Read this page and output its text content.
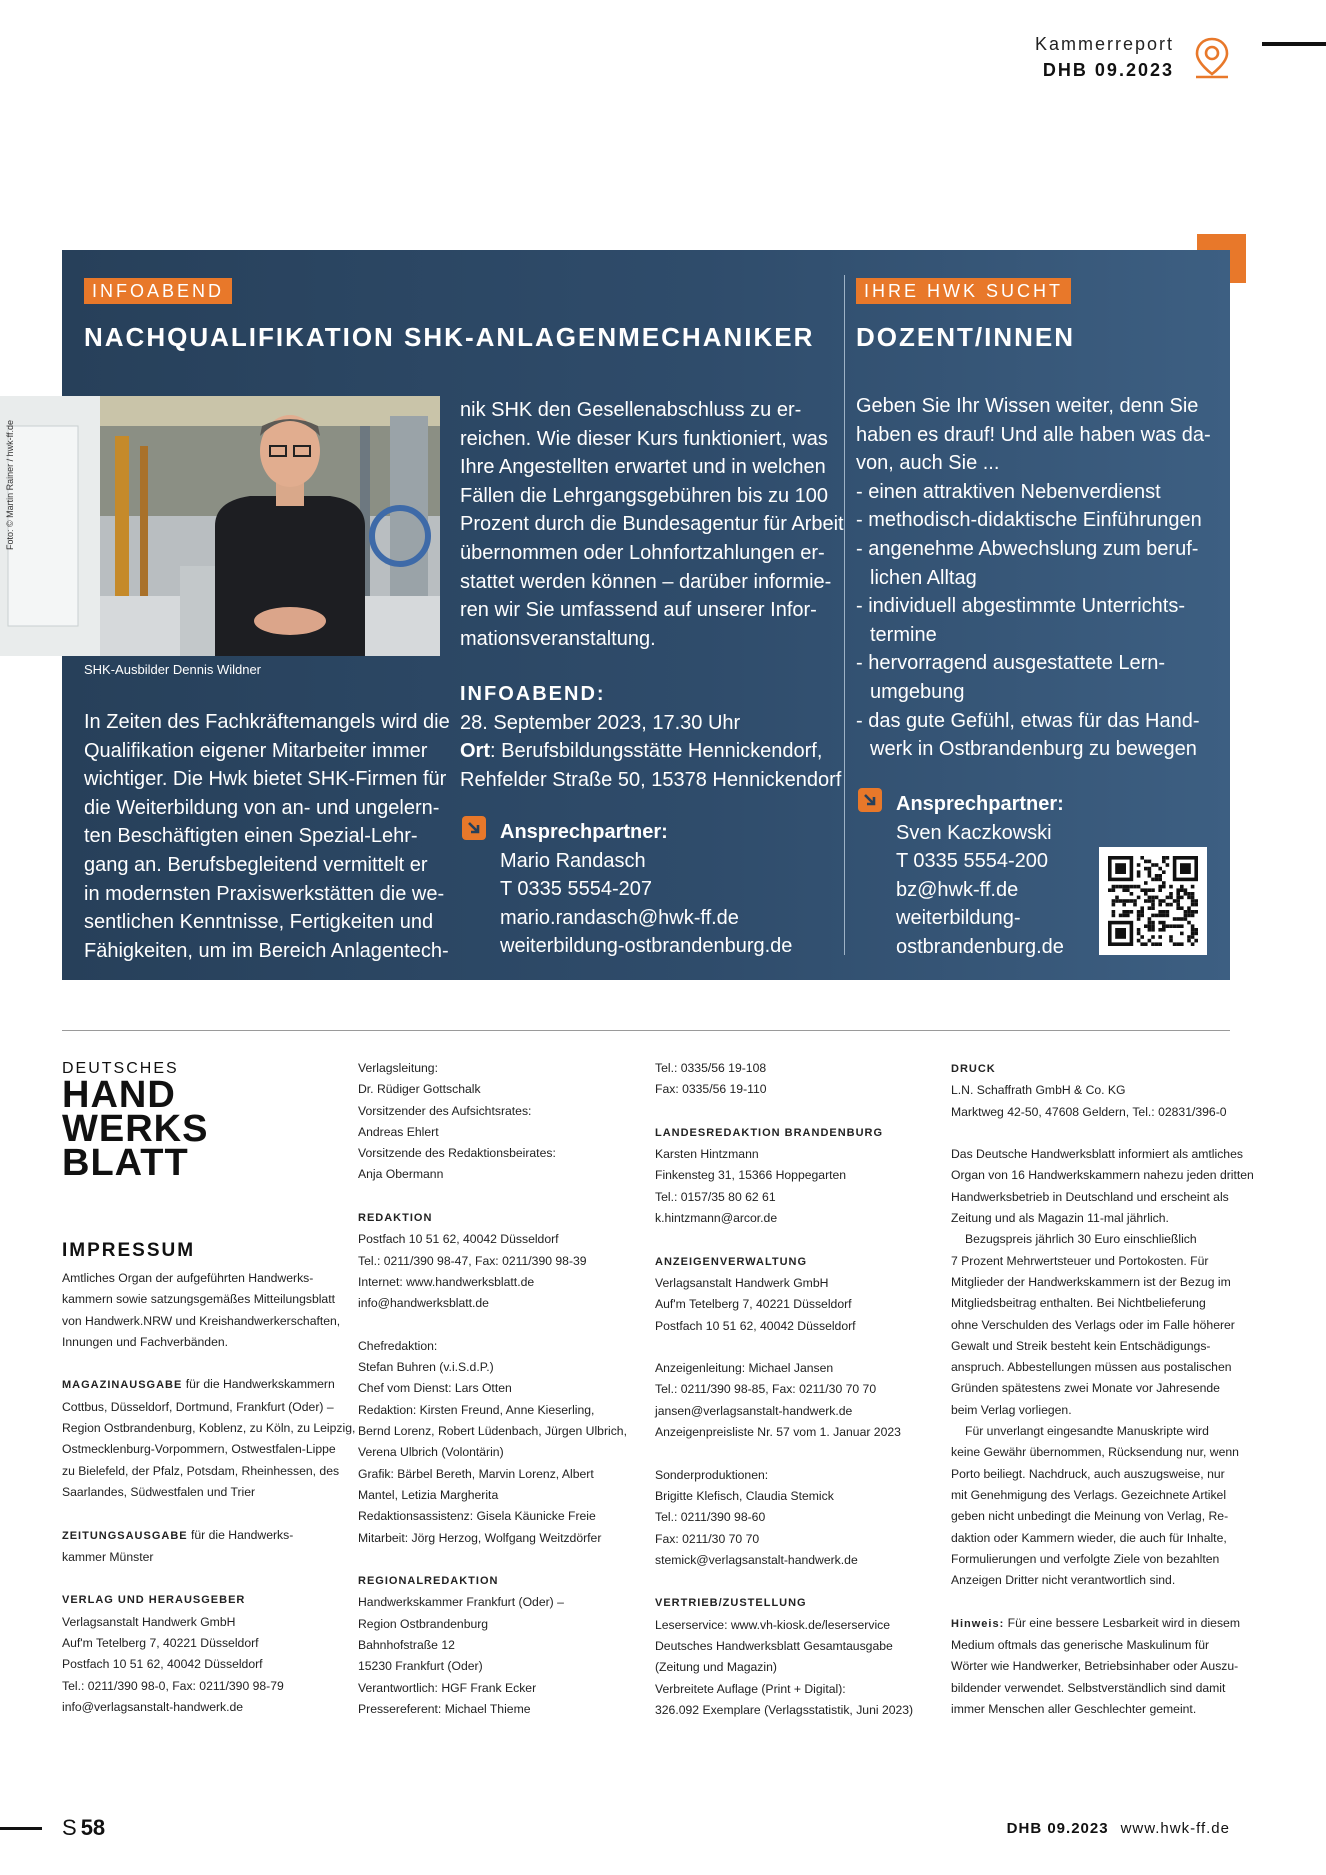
Kammerreport
DHB 09.2023
INFOABEND
NACHQUALIFIKATION SHK-ANLAGENMECHANIKER
IHRE HWK SUCHT
DOZENT/INNEN
Foto: © Martin Rainer / hwk-ff.de
SHK-Ausbilder Dennis Wildner

In Zeiten des Fachkräftemangels wird die

Qualifikation eigener Mitarbeiter immer

wichtiger. Die Hwk bietet SHK-Firmen für

die Weiterbildung von an- und ungelern-

ten Beschäftigten einen Spezial-Lehr-

gang an. Berufsbegleitend vermittelt er

in modernsten Praxiswerkstätten die we-

sentlichen Kenntnisse, Fertigkeiten und

Fähigkeiten, um im Bereich Anlagentech-

nik SHK den Gesellenabschluss zu er-

reichen. Wie dieser Kurs funktioniert, was

Ihre Angestellten erwartet und in welchen

Fällen die Lehrgangsgebühren bis zu 100

Prozent durch die Bundesagentur für Arbeit

übernommen oder Lohnfortzahlungen er-

stattet werden können – darüber informie-

ren wir Sie umfassend auf unserer Infor-

mationsveranstaltung.

INFOABEND:

28. September 2023, 17.30 Uhr

Ort: Berufsbildungsstätte Hennickendorf,

Rehfelder Straße 50, 15378 Hennickendorf

Ansprechpartner:

Mario Randasch

T 0335 5554-207

mario.randasch@hwk-ff.de

weiterbildung-ostbrandenburg.de

Geben Sie Ihr Wissen weiter, denn Sie

haben es drauf! Und alle haben was da-

von, auch Sie ...

- einen attraktiven Nebenverdienst

- methodisch-didaktische Einführungen

- angenehme Abwechslung zum beruf-

lichen Alltag

- individuell abgestimmte Unterrichts-

termine

- hervorragend ausgestattete Lern-

umgebung

- das gute Gefühl, etwas für das Hand-

werk in Ostbrandenburg zu bewegen

Ansprechpartner:

Sven Kaczkowski

T 0335 5554-200

bz@hwk-ff.de

weiterbildung-

ostbrandenburg.de

DEUTSCHES
HAND
WERKS
BLATT
IMPRESSUM

Amtliches Organ der aufgeführten Handwerks-

kammern sowie satzungsgemäßes Mitteilungsblatt

von Handwerk.NRW und Kreishandwerkerschaften,

Innungen und Fachverbänden.

MAGAZINAUSGABE für die Handwerkskammern

Cottbus, Düsseldorf, Dortmund, Frankfurt (Oder) –

Region Ostbrandenburg, Koblenz, zu Köln, zu Leipzig,

Ostmecklenburg-Vorpommern, Ostwestfalen-Lippe

zu Bielefeld, der Pfalz, Potsdam, Rheinhessen, des

Saarlandes, Südwestfalen und Trier

ZEITUNGSAUSGABE für die Handwerks-

kammer Münster

VERLAG UND HERAUSGEBER

Verlagsanstalt Handwerk GmbH

Auf'm Tetelberg 7, 40221 Düsseldorf

Postfach 10 51 62, 40042 Düsseldorf

Tel.: 0211/390 98-0, Fax: 0211/390 98-79

info@verlagsanstalt-handwerk.de

Verlagsleitung:

Dr. Rüdiger Gottschalk

Vorsitzender des Aufsichtsrates:

Andreas Ehlert

Vorsitzende des Redaktionsbeirates:

Anja Obermann

REDAKTION

Postfach 10 51 62, 40042 Düsseldorf

Tel.: 0211/390 98-47, Fax: 0211/390 98-39

Internet: www.handwerksblatt.de

info@handwerksblatt.de

Chefredaktion:

Stefan Buhren (v.i.S.d.P.)

Chef vom Dienst: Lars Otten

Redaktion: Kirsten Freund, Anne Kieserling,

Bernd Lorenz, Robert Lüdenbach, Jürgen Ulbrich,

Verena Ulbrich (Volontärin)

Grafik: Bärbel Bereth, Marvin Lorenz, Albert

Mantel, Letizia Margherita

Redaktionsassistenz: Gisela Käunicke Freie

Mitarbeit: Jörg Herzog, Wolfgang Weitzdörfer

REGIONALREDAKTION

Handwerkskammer Frankfurt (Oder) –

Region Ostbrandenburg

Bahnhofstraße 12

15230 Frankfurt (Oder)

Verantwortlich: HGF Frank Ecker

Pressereferent: Michael Thieme

Tel.: 0335/56 19-108

Fax: 0335/56 19-110

LANDESREDAKTION BRANDENBURG

Karsten Hintzmann

Finkensteg 31, 15366 Hoppegarten

Tel.: 0157/35 80 62 61

k.hintzmann@arcor.de

ANZEIGENVERWALTUNG

Verlagsanstalt Handwerk GmbH

Auf'm Tetelberg 7, 40221 Düsseldorf

Postfach 10 51 62, 40042 Düsseldorf

Anzeigenleitung: Michael Jansen

Tel.: 0211/390 98-85, Fax: 0211/30 70 70

jansen@verlagsanstalt-handwerk.de

Anzeigenpreisliste Nr. 57 vom 1. Januar 2023

Sonderproduktionen:

Brigitte Klefisch, Claudia Stemick

Tel.: 0211/390 98-60

Fax: 0211/30 70 70

stemick@verlagsanstalt-handwerk.de

VERTRIEB/ZUSTELLUNG

Leserservice: www.vh-kiosk.de/leserservice

Deutsches Handwerksblatt Gesamtausgabe

(Zeitung und Magazin)

Verbreitete Auflage (Print + Digital):

326.092 Exemplare (Verlagsstatistik, Juni 2023)

DRUCK

L.N. Schaffrath GmbH & Co. KG

Marktweg 42-50, 47608 Geldern, Tel.: 02831/396-0

Das Deutsche Handwerksblatt informiert als amtliches

Organ von 16 Handwerkskammern nahezu jeden dritten

Handwerksbetrieb in Deutschland und erscheint als

Zeitung und als Magazin 11-mal jährlich.

Bezugspreis jährlich 30 Euro einschließlich

7 Prozent Mehrwertsteuer und Portokosten. Für

Mitglieder der Handwerkskammern ist der Bezug im

Mitgliedsbeitrag enthalten. Bei Nichtbelieferung

ohne Verschulden des Verlags oder im Falle höherer

Gewalt und Streik besteht kein Entschädigungs-

anspruch. Abbestellungen müssen aus postalischen

Gründen spätestens zwei Monate vor Jahresende

beim Verlag vorliegen.

Für unverlangt eingesandte Manuskripte wird

keine Gewähr übernommen, Rücksendung nur, wenn

Porto beiliegt. Nachdruck, auch auszugsweise, nur

mit Genehmigung des Verlags. Gezeichnete Artikel

geben nicht unbedingt die Meinung von Verlag, Re-

daktion oder Kammern wieder, die auch für Inhalte,

Formulierungen und verfolgte Ziele von bezahlten

Anzeigen Dritter nicht verantwortlich sind.

Hinweis: Für eine bessere Lesbarkeit wird in diesem

Medium oftmals das generische Maskulinum für

Wörter wie Handwerker, Betriebsinhaber oder Auszu-

bildender verwendet. Selbstverständlich sind damit

immer Menschen aller Geschlechter gemeint.

S 58	DHB 09.2023 www.hwk-ff.de
